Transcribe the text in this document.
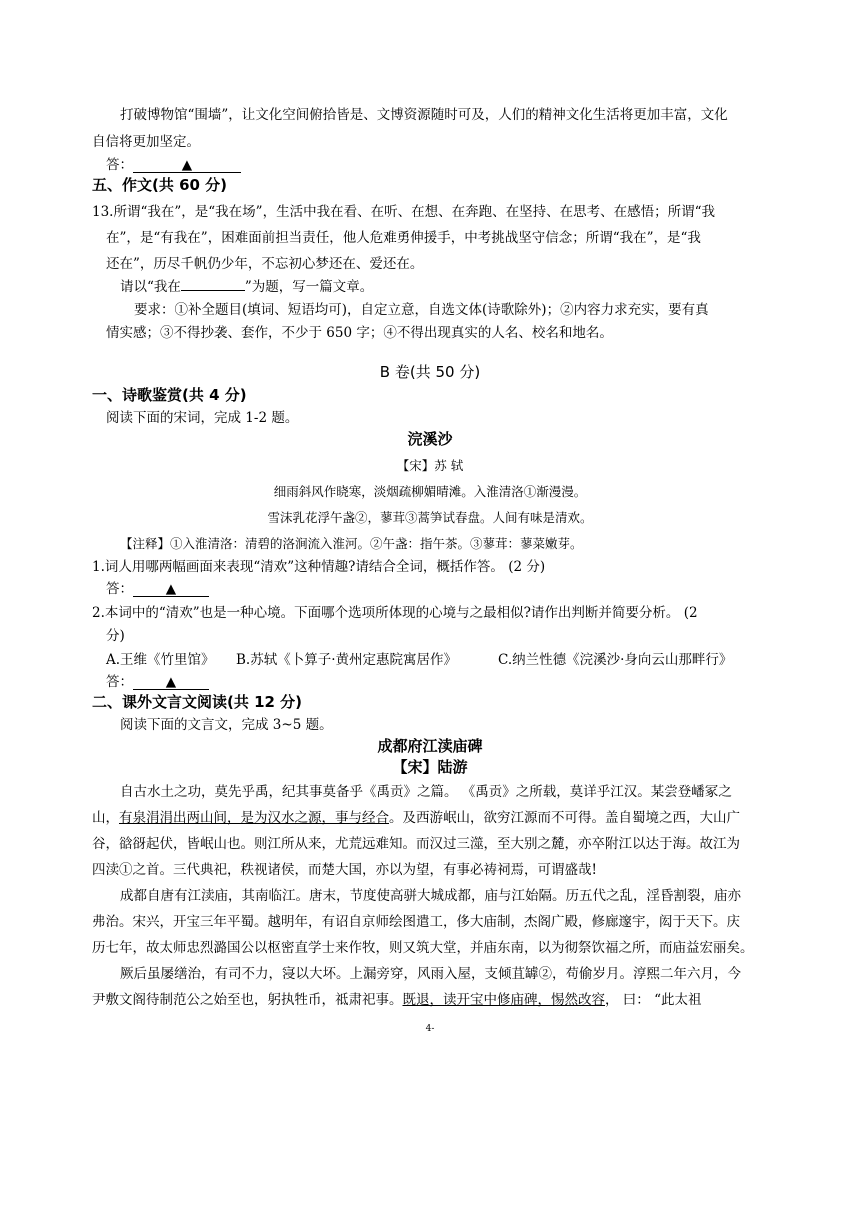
打破博物馆“围墙”，让文化空间俯拾皆是、文博资源随时可及，人们的精神文化生活将更加丰富，文化
自信将更加坚定。
答：	▲
五、作文(共 60 分)
13.所谓“我在”，是“我在场”，生活中我在看、在听、在想、在奔跑、在坚持、在思考、在感悟；所谓“我
在”，是“有我在”，困难面前担当责任，他人危难勇伸援手，中考挑战坚守信念；所谓“我在”，是“我
还在”，历尽千帆仍少年，不忘初心梦还在、爱还在。
请以“我在	”为题，写一篇文章。
要求：①补全题目(填词、短语均可)，自定立意，自选文体(诗歌除外)；②内容力求充实，要有真
情实感；③不得抄袭、套作，不少于 650 字；④不得出现真实的人名、校名和地名。
B 卷(共 50 分)
一、诗歌鉴赏(共 4 分)
阅读下面的宋词，完成 1-2 题。
浣溪沙
【宋】苏 轼
细雨斜风作晓寒，淡烟疏柳媚晴滩。入淮清洛①渐漫漫。
雪沫乳花浮午盏②，蓼茸③蒿笋试春盘。人间有味是清欢。
【注释】①入淮清洛：清碧的洛涧流入淮河。②午盏：指午茶。③蓼茸：蓼菜嫩芽。
1.词人用哪两幅画面来表现“清欢”这种情趣?请结合全词，概括作答。 (2 分)
答： ▲
2.本词中的“清欢”也是一种心境。下面哪个选项所体现的心境与之最相似?请作出判断并简要分析。 (2
分)
A.王维《竹里馆》 B.苏轼《卜算子·黄州定惠院寓居作》	C.纳兰性德《浣溪沙·身向云山那畔行》
答： ▲
二、课外文言文阅读(共 12 分)
阅读下面的文言文，完成 3~5 题。
成都府江渎庙碑
【宋】陆游
自古水土之功，莫先乎禹，纪其事莫备乎《禹贡》之篇。 《禹贡》之所载，莫详乎江汉。某尝登嶓冢之
山，有泉涓涓出两山间，是为汉水之源，事与经合。及西游岷山，欲穷江源而不可得。盖自蜀境之西，大山广
谷，谽谺起伏，皆岷山也。则江所从来，尤荒远难知。而汉过三澨，至大别之麓，亦卒附江以达于海。故江为
四渎①之首。三代典祀，秩视诸侯，而楚大国，亦以为望，有事必祷祠焉，可谓盛哉!
成都自唐有江渎庙，其南临江。唐末，节度使高骈大城成都，庙与江始隔。历五代之乱，淫昏割裂，庙亦
弗治。宋兴，开宝三年平蜀。越明年，有诏自京师绘图遣工，侈大庙制，杰阁广殿，修廊邃宇，闳于天下。庆
历七年，故太师忠烈潞国公以枢密直学士来作牧，则又筑大堂，并庙东南，以为彻祭饮福之所，而庙益宏丽矣。
厥后虽屡缮治，有司不力，寖以大坏。上漏旁穿，风雨入屋，支倾苴罅②，苟偷岁月。淳熙二年六月，今
尹敷文阁待制范公之始至也，躬执牲币，祗肃祀事。既退，读开宝中修庙碑，惕然改容， 曰： “此太祖
4-
